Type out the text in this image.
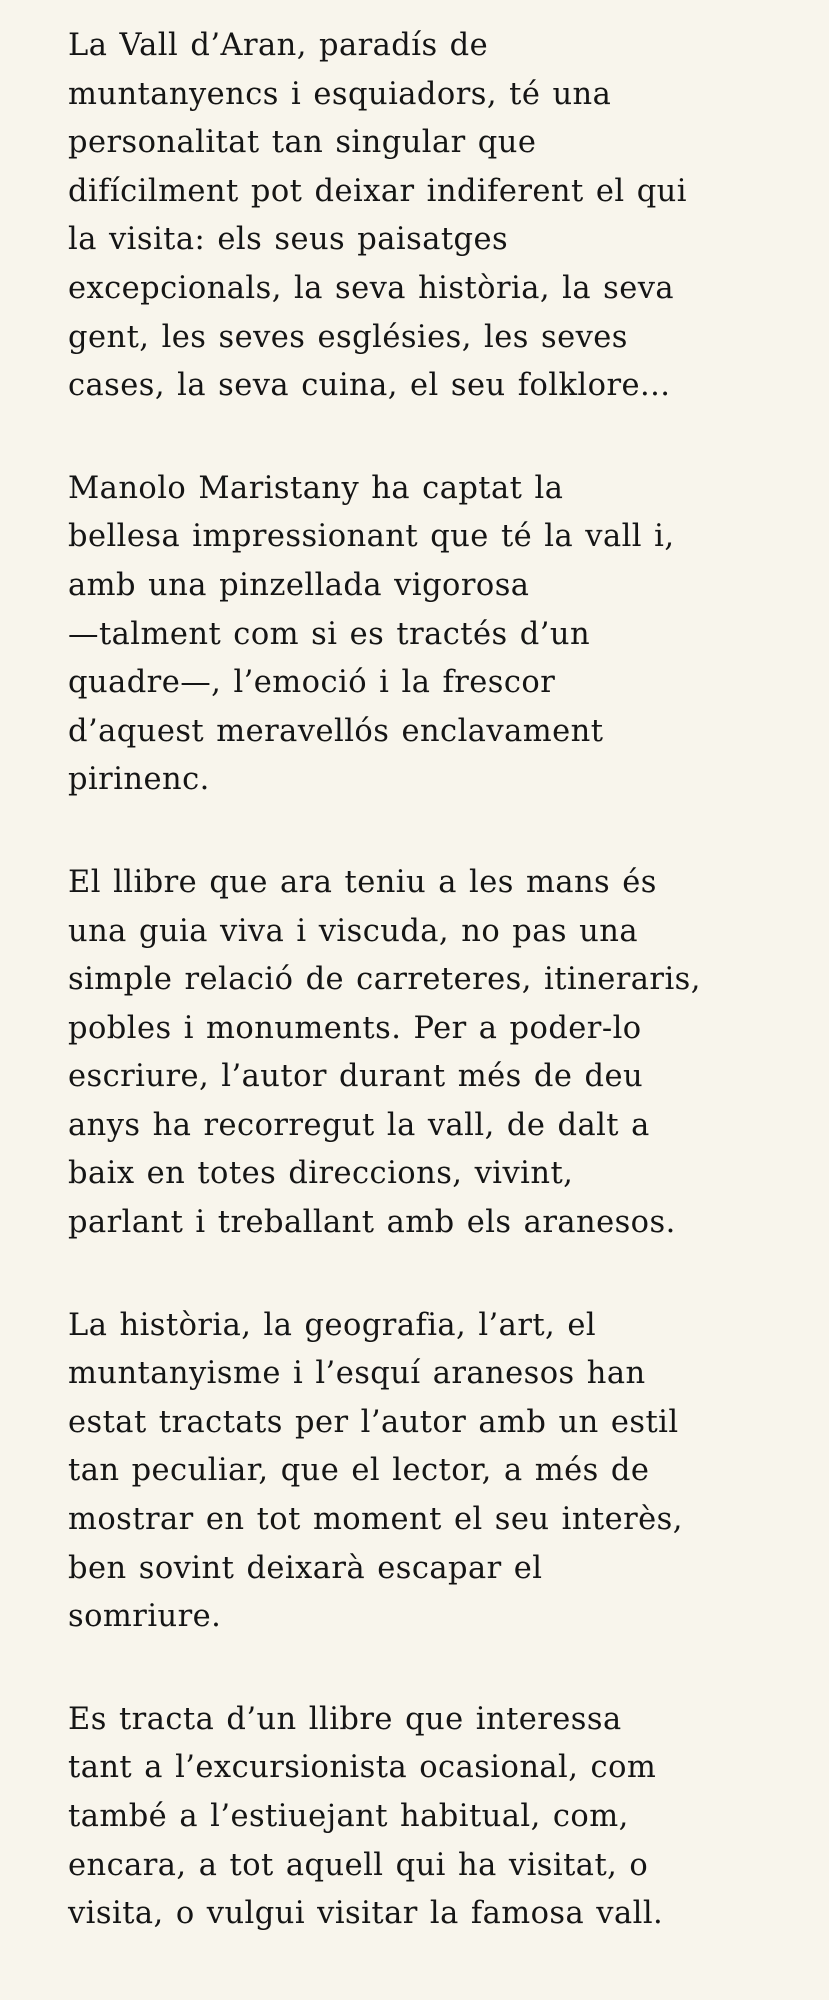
La Vall d’Aran, paradís de
muntanyencs i esquiadors, té una
personalitat tan singular que
difícilment pot deixar indiferent el qui
la visita: els seus paisatges
excepcionals, la seva història, la seva
gent, les seves esglésies, les seves
cases, la seva cuina, el seu folklore...
Manolo Maristany ha captat la
bellesa impressionant que té la vall i,
amb una pinzellada vigorosa
—talment com si es tractés d’un
quadre—, l’emoció i la frescor
d’aquest meravellós enclavament
pirinenc.
El llibre que ara teniu a les mans és
una guia viva i viscuda, no pas una
simple relació de carreteres, itineraris,
pobles i monuments. Per a poder-lo
escriure, l’autor durant més de deu
anys ha recorregut la vall, de dalt a
baix en totes direccions, vivint,
parlant i treballant amb els aranesos.
La història, la geografia, l’art, el
muntanyisme i l’esquí aranesos han
estat tractats per l’autor amb un estil
tan peculiar, que el lector, a més de
mostrar en tot moment el seu interès,
ben sovint deixarà escapar el
somriure.
Es tracta d’un llibre que interessa
tant a l’excursionista ocasional, com
també a l’estiuejant habitual, com,
encara, a tot aquell qui ha visitat, o
visita, o vulgui visitar la famosa vall.
